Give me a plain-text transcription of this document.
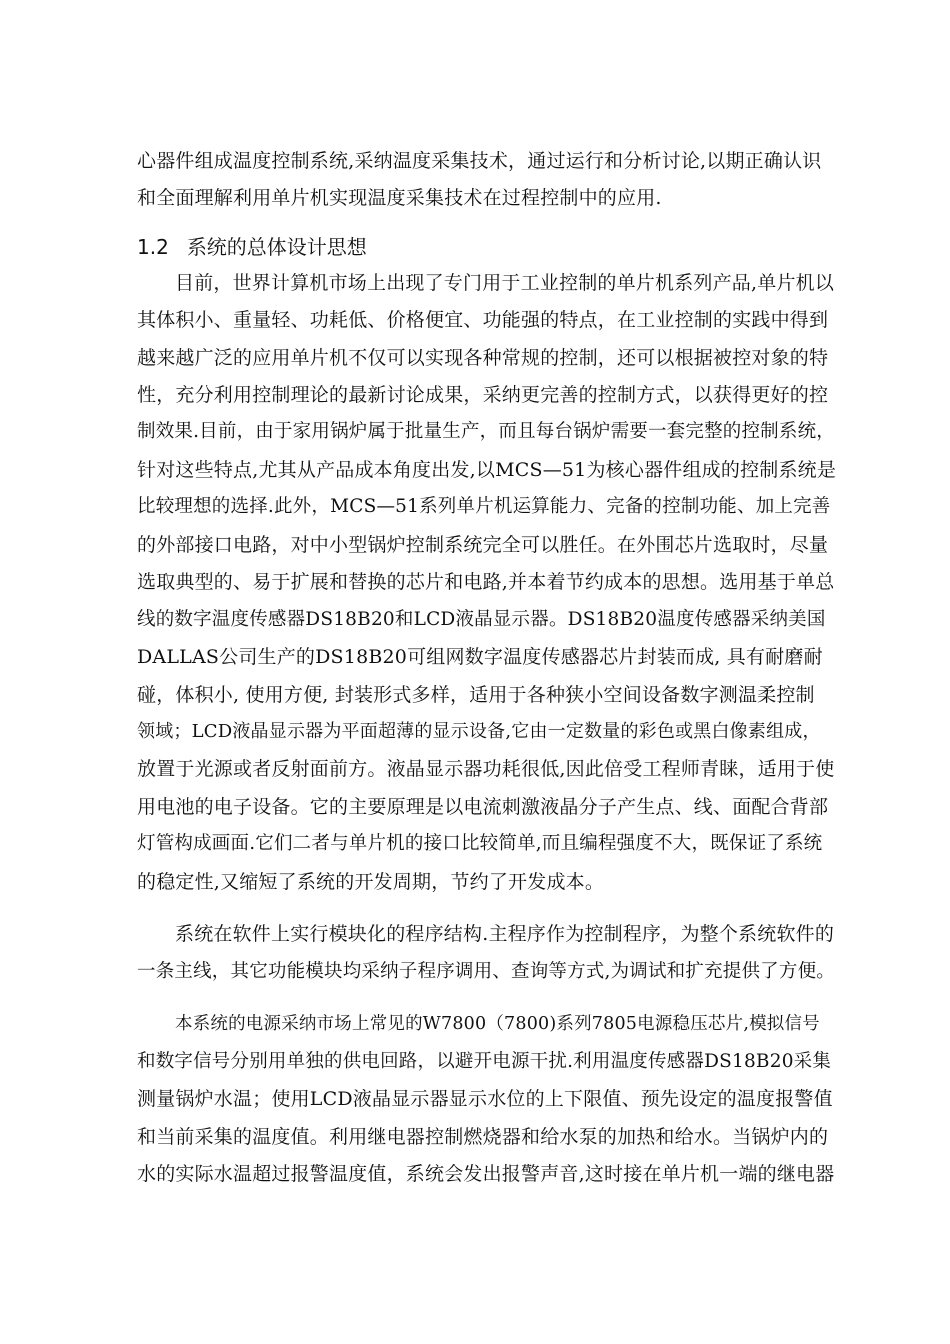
心器件组成温度控制系统,采纳温度采集技术，通过运行和分析讨论,以期正确认识
和全面理解利用单片机实现温度采集技术在过程控制中的应用.
1.2 系统的总体设计思想
目前，世界计算机市场上出现了专门用于工业控制的单片机系列产品,单片机以
其体积小、重量轻、功耗低、价格便宜、功能强的特点，在工业控制的实践中得到
越来越广泛的应用单片机不仅可以实现各种常规的控制，还可以根据被控对象的特
性，充分利用控制理论的最新讨论成果，采纳更完善的控制方式，以获得更好的控
制效果.目前，由于家用锅炉属于批量生产，而且每台锅炉需要一套完整的控制系统，
针对这些特点,尤其从产品成本角度出发,以MCS—51为核心器件组成的控制系统是
比较理想的选择.此外，MCS—51系列单片机运算能力、完备的控制功能、加上完善
的外部接口电路，对中小型锅炉控制系统完全可以胜任。在外围芯片选取时，尽量
选取典型的、易于扩展和替换的芯片和电路,并本着节约成本的思想。选用基于单总
线的数字温度传感器DS18B20和LCD液晶显示器。DS18B20温度传感器采纳美国
DALLAS公司生产的DS18B20可组网数字温度传感器芯片封装而成, 具有耐磨耐
碰，体积小, 使用方便, 封装形式多样，适用于各种狭小空间设备数字测温柔控制
领域；LCD液晶显示器为平面超薄的显示设备,它由一定数量的彩色或黑白像素组成，
放置于光源或者反射面前方。液晶显示器功耗很低,因此倍受工程师青睐，适用于使
用电池的电子设备。它的主要原理是以电流刺激液晶分子产生点、线、面配合背部
灯管构成画面.它们二者与单片机的接口比较简单,而且编程强度不大，既保证了系统
的稳定性,又缩短了系统的开发周期，节约了开发成本。
系统在软件上实行模块化的程序结构.主程序作为控制程序，为整个系统软件的
一条主线，其它功能模块均采纳子程序调用、查询等方式,为调试和扩充提供了方便。
本系统的电源采纳市场上常见的W7800（7800)系列7805电源稳压芯片,模拟信号
和数字信号分别用单独的供电回路，以避开电源干扰.利用温度传感器DS18B20采集
测量锅炉水温；使用LCD液晶显示器显示水位的上下限值、预先设定的温度报警值
和当前采集的温度值。利用继电器控制燃烧器和给水泵的加热和给水。当锅炉内的
水的实际水温超过报警温度值，系统会发出报警声音,这时接在单片机一端的继电器
